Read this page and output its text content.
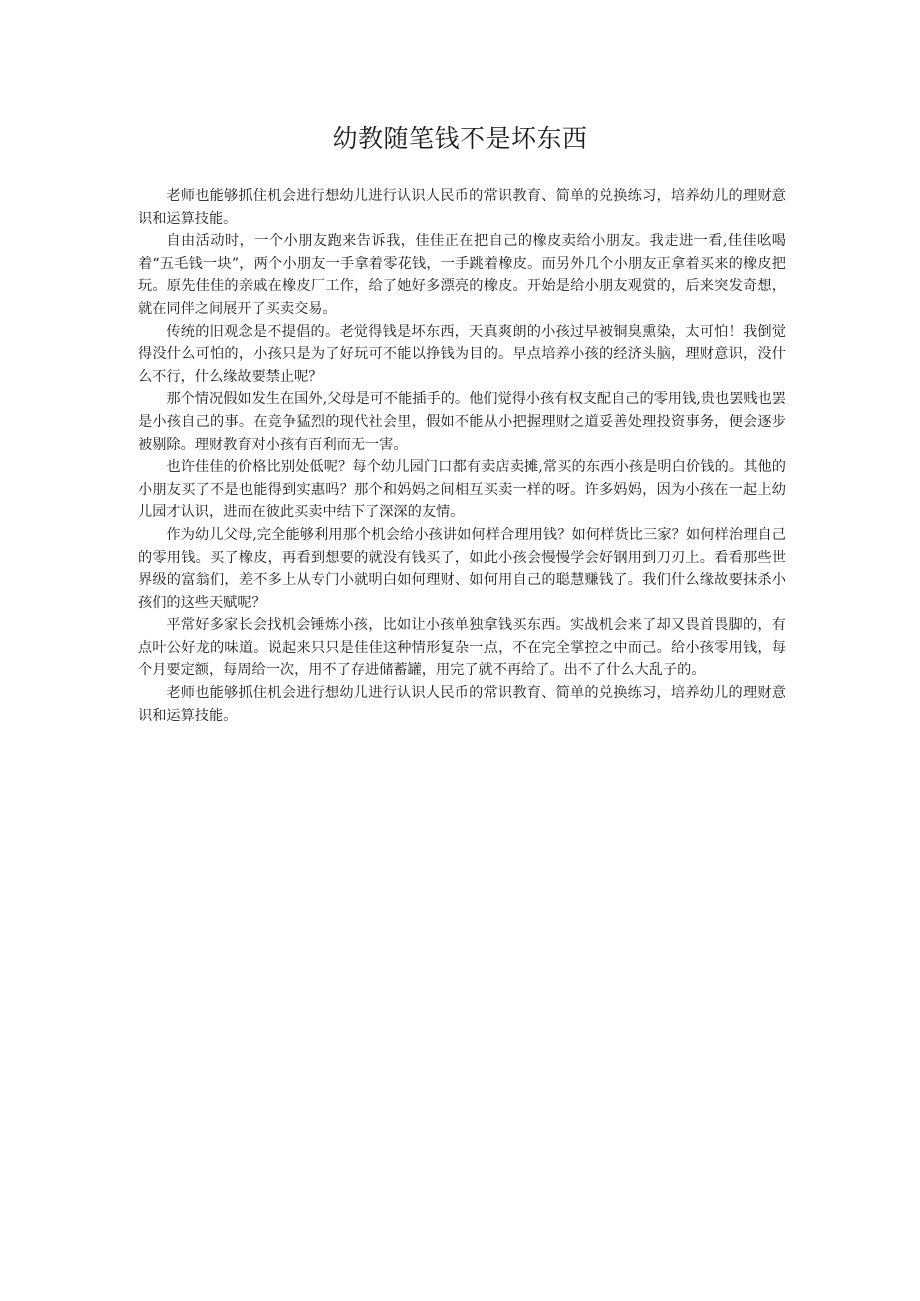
幼教随笔钱不是坏东西

老师也能够抓住机会进行想幼儿进行认识人民币的常识教育、简单的兑换练习，培养幼儿的理财意识和运算技能。

自由活动时，一个小朋友跑来告诉我，佳佳正在把自己的橡皮卖给小朋友。我走进一看,佳佳吆喝着“五毛钱一块”，两个小朋友一手拿着零花钱，一手跳着橡皮。而另外几个小朋友正拿着买来的橡皮把玩。原先佳佳的亲戚在橡皮厂工作，给了她好多漂亮的橡皮。开始是给小朋友观赏的，后来突发奇想，就在同伴之间展开了买卖交易。

传统的旧观念是不提倡的。老觉得钱是坏东西，天真爽朗的小孩过早被铜臭熏染，太可怕！我倒觉得没什么可怕的，小孩只是为了好玩可不能以挣钱为目的。早点培养小孩的经济头脑，理财意识，没什么不行，什么缘故要禁止呢？

那个情况假如发生在国外,父母是可不能插手的。他们觉得小孩有权支配自己的零用钱,贵也罢贱也罢是小孩自己的事。在竞争猛烈的现代社会里，假如不能从小把握理财之道妥善处理投资事务，便会逐步被剔除。理财教育对小孩有百利而无一害。

也许佳佳的价格比别处低呢？每个幼儿园门口都有卖店卖摊,常买的东西小孩是明白价钱的。其他的小朋友买了不是也能得到实惠吗？那个和妈妈之间相互买卖一样的呀。许多妈妈，因为小孩在一起上幼儿园才认识，进而在彼此买卖中结下了深深的友情。

作为幼儿父母,完全能够利用那个机会给小孩讲如何样合理用钱？如何样货比三家？如何样治理自己的零用钱。买了橡皮，再看到想要的就没有钱买了，如此小孩会慢慢学会好钢用到刀刃上。看看那些世界级的富翁们，差不多上从专门小就明白如何理财、如何用自己的聪慧赚钱了。我们什么缘故要抹杀小孩们的这些天赋呢？

平常好多家长会找机会锤炼小孩，比如让小孩单独拿钱买东西。实战机会来了却又畏首畏脚的，有点叶公好龙的味道。说起来只只是佳佳这种情形复杂一点，不在完全掌控之中而己。给小孩零用钱，每个月要定额，每周给一次，用不了存进储蓄罐，用完了就不再给了。出不了什么大乱子的。

老师也能够抓住机会进行想幼儿进行认识人民币的常识教育、简单的兑换练习，培养幼儿的理财意识和运算技能。
